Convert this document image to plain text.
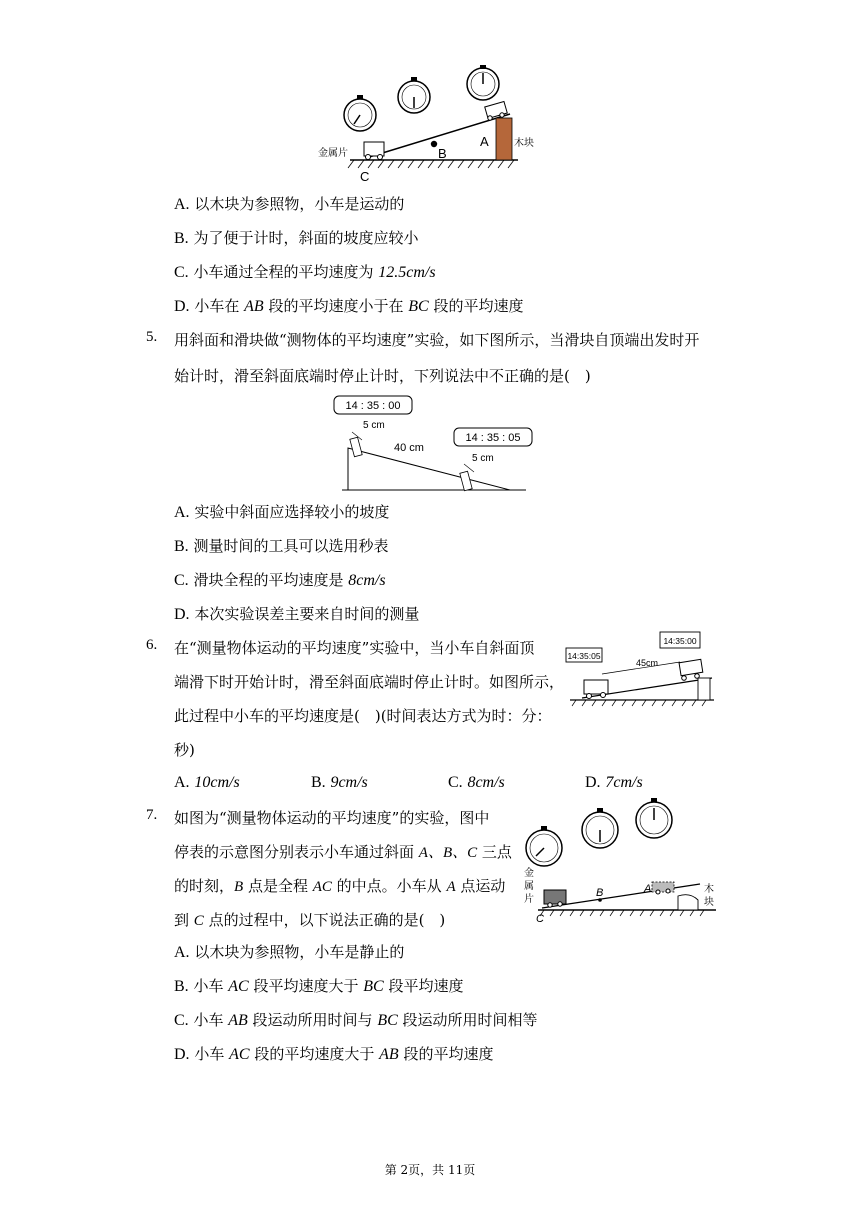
金属片
木块
A
B
C
A. 以木块为参照物，小车是运动的
B. 为了便于计时，斜面的坡度应较小
C. 小车通过全程的平均速度为 12.5cm/s
D. 小车在 AB 段的平均速度小于在 BC 段的平均速度
5. 用斜面和滑块做“测物体的平均速度”实验，如下图所示，当滑块自顶端出发时开
始计时，滑至斜面底端时停止计时，下列说法中不正确的是(　)
14 : 35 : 00
14 : 35 : 05
5 cm
40 cm
5 cm
A. 实验中斜面应选择较小的坡度
B. 测量时间的工具可以选用秒表
C. 滑块全程的平均速度是 8cm/s
D. 本次实验误差主要来自时间的测量
6. 在“测量物体运动的平均速度”实验中，当小车自斜面顶
端滑下时开始计时，滑至斜面底端时停止计时。如图所示，
此过程中小车的平均速度是(　)(时间表达方式为时：分：
秒)
14:35:05
14:35:00
45cm
A. 10cm/s	B. 9cm/s	C. 8cm/s	D. 7cm/s
7. 如图为“测量物体运动的平均速度”的实验，图中
停表的示意图分别表示小车通过斜面 A、B、C 三点
的时刻，B 点是全程 AC 的中点。小车从 A 点运动
到 C 点的过程中，以下说法正确的是(　)
金
属
片
木
块
A
B
C
A. 以木块为参照物，小车是静止的
B. 小车 AC 段平均速度大于 BC 段平均速度
C. 小车 AB 段运动所用时间与 BC 段运动所用时间相等
D. 小车 AC 段的平均速度大于 AB 段的平均速度
第 2页，共 11页
